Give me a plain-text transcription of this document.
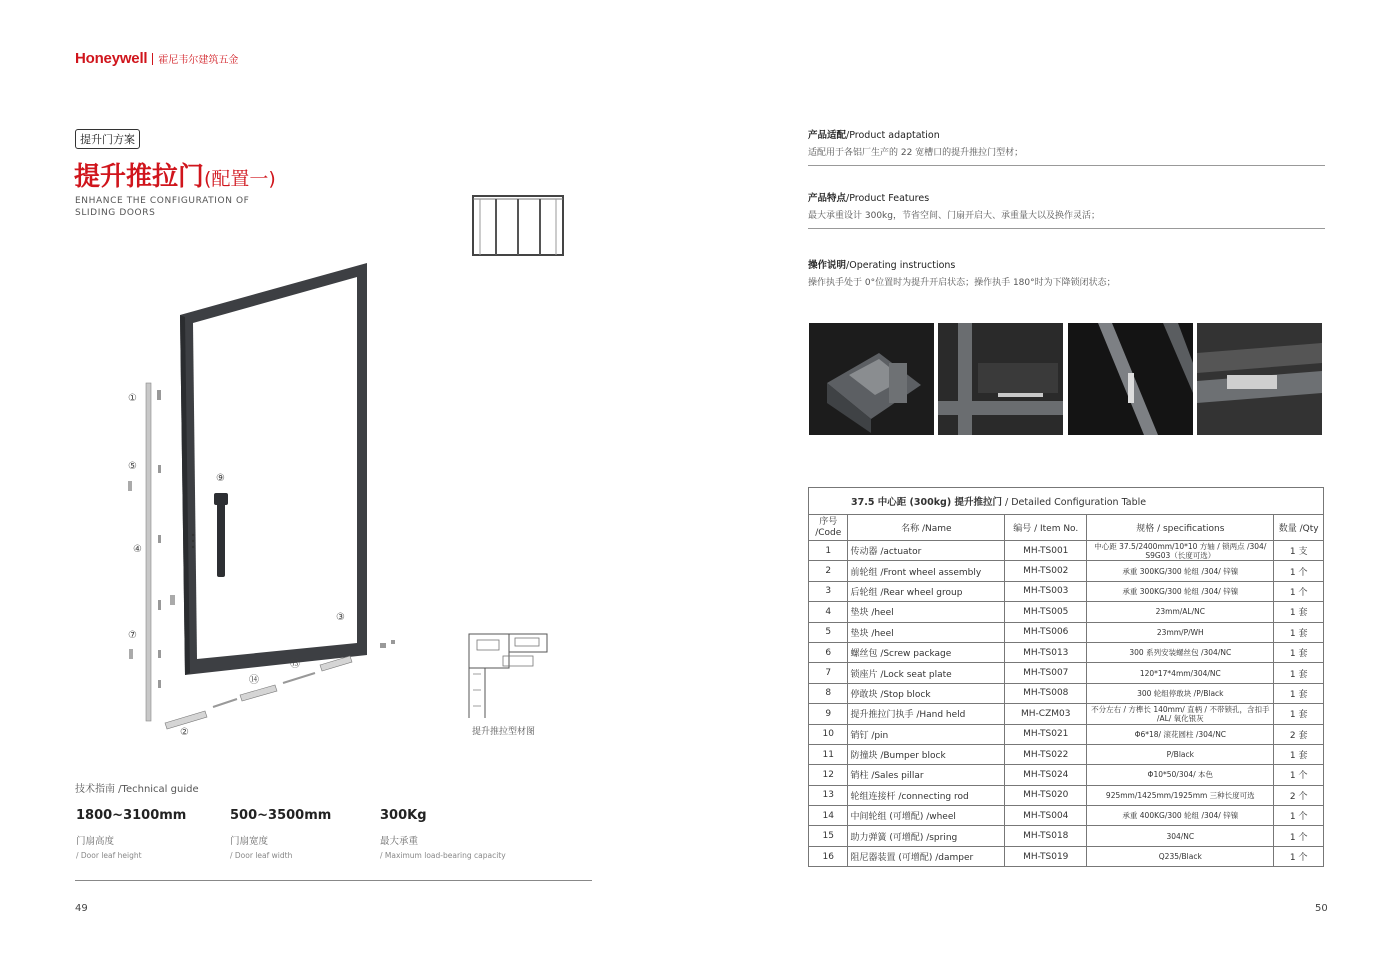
Honeywell 霍尼韦尔建筑五金
提升门方案
提升推拉门(配置一)
ENHANCE THE CONFIGURATION OF
SLIDING DOORS
①
⑤
④
⑦
②
⑨
⑭
⑬
③
提升推拉型材图
技术指南 /Technical guide
1800~3100mm
门扇高度
/ Door leaf height
500~3500mm
门扇宽度
/ Door leaf width
300Kg
最大承重
/ Maximum load-bearing capacity
49
产品适配/Product adaptation
适配用于各铝厂生产的 22 宽槽口的提升推拉门型材；
产品特点/Product Features
最大承重设计 300kg，节省空间、门扇开启大、承重量大以及换作灵活；
操作说明/Operating instructions
操作执手处于 0°位置时为提升开启状态；操作执手 180°时为下降锁闭状态；
37.5 中心距 (300kg) 提升推拉门 / Detailed Configuration Table				
序号
/Code	名称 /Name	编号 / Item No.	规格 / specifications	数量 /Qty
1	传动器 /actuator	MH-TS001	中心距 37.5/2400mm/10*10 方轴 / 锁两点 /304/ S9G03（长度可选）	1 支
2	前轮组 /Front wheel assembly	MH-TS002	承重 300KG/300 轮组 /304/ 锌镍	1 个
3	后轮组 /Rear wheel group	MH-TS003	承重 300KG/300 轮组 /304/ 锌镍	1 个
4	垫块 /heel	MH-TS005	23mm/AL/NC	1 套
5	垫块 /heel	MH-TS006	23mm/P/WH	1 套
6	螺丝包 /Screw package	MH-TS013	300 系列安装螺丝包 /304/NC	1 套
7	锁座片 /Lock seat plate	MH-TS007	120*17*4mm/304/NC	1 套
8	停敢块 /Stop block	MH-TS008	300 轮组停敢块 /P/Black	1 套
9	提升推拉门执手 /Hand held	MH-CZM03	不分左右 / 方榫长 140mm/ 直柄 / 不带锁孔，含扣手 /AL/ 氧化银灰	1 套
10	销钉 /pin	MH-TS021	Φ6*18/ 滚花圆柱 /304/NC	2 套
11	防撞块 /Bumper block	MH-TS022	P/Black	1 套
12	销柱 /Sales pillar	MH-TS024	Φ10*50/304/ 本色	1 个
13	轮组连接杆 /connecting rod	MH-TS020	925mm/1425mm/1925mm 三种长度可选	2 个
14	中间轮组 (可增配) /wheel	MH-TS004	承重 400KG/300 轮组 /304/ 锌镍	1 个
15	助力弹簧 (可增配) /spring	MH-TS018	304/NC	1 个
16	阻尼器装置 (可增配) /damper	MH-TS019	Q235/Black	1 个
50
